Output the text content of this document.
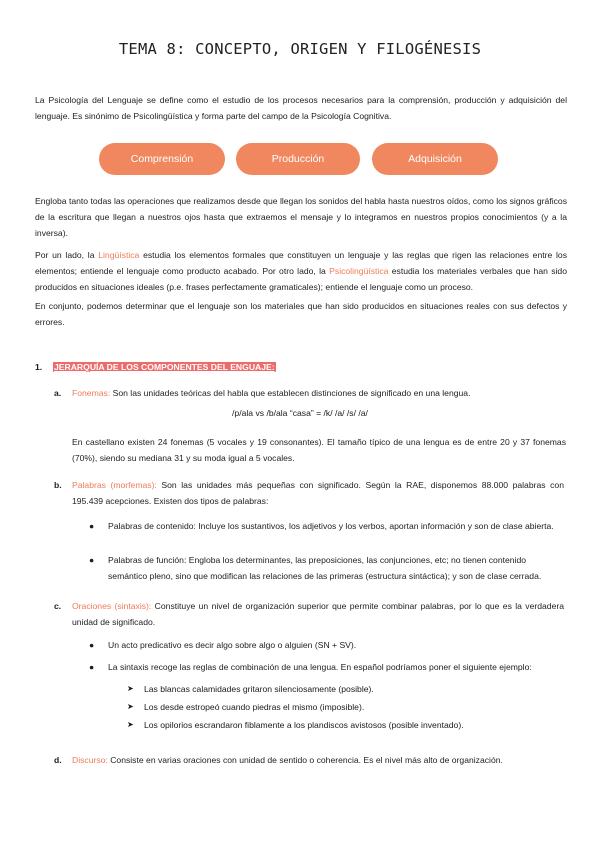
TEMA 8: CONCEPTO, ORIGEN Y FILOGÉNESIS
La Psicología del Lenguaje se define como el estudio de los procesos necesarios para la comprensión, producción y adquisición del lenguaje. Es sinónimo de Psicolingüística y forma parte del campo de la Psicología Cognitiva.
Comprensión	Producción	Adquisición
Engloba tanto todas las operaciones que realizamos desde que llegan los sonidos del habla hasta nuestros oídos, como los signos gráficos de la escritura que llegan a nuestros ojos hasta que extraemos el mensaje y lo integramos en nuestros propios conocimientos (y a la inversa).
Por un lado, la Lingüística estudia los elementos formales que constituyen un lenguaje y las reglas que rigen las relaciones entre los elementos; entiende el lenguaje como producto acabado. Por otro lado, la Psicolingüística estudia los materiales verbales que han sido producidos en situaciones ideales (p.e. frases perfectamente gramaticales); entiende el lenguaje como un proceso.
En conjunto, podemos determinar que el lenguaje son los materiales que han sido producidos en situaciones reales con sus defectos y errores.
1. JERARQUÍA DE LOS COMPONENTES DEL ENGUAJE:
a. Fonemas: Son las unidades teóricas del habla que establecen distinciones de significado en una lengua.
/p/ala vs /b/ala “casa” = /k/ /a/ /s/ /a/
En castellano existen 24 fonemas (5 vocales y 19 consonantes). El tamaño típico de una lengua es de entre 20 y 37 fonemas (70%), siendo su mediana 31 y su moda igual a 5 vocales.
b. Palabras (morfemas): Son las unidades más pequeñas con significado. Según la RAE, disponemos 88.000 palabras con 195.439 acepciones. Existen dos tipos de palabras:
● Palabras de contenido: Incluye los sustantivos, los adjetivos y los verbos, aportan información y son de clase abierta.
● Palabras de función: Engloba los determinantes, las preposiciones, las conjunciones, etc; no tienen contenido semántico pleno, sino que modifican las relaciones de las primeras (estructura sintáctica); y son de clase cerrada.
c. Oraciones (sintaxis): Constituye un nivel de organización superior que permite combinar palabras, por lo que es la verdadera unidad de significado.
● Un acto predicativo es decir algo sobre algo o alguien (SN + SV).
● La sintaxis recoge las reglas de combinación de una lengua. En español podríamos poner el siguiente ejemplo:
➤ Las blancas calamidades gritaron silenciosamente (posible).
➤ Los desde estropeó cuando piedras el mismo (imposible).
➤ Los opilorios escrandaron fiblamente a los plandiscos avistosos (posible inventado).
d. Discurso: Consiste en varias oraciones con unidad de sentido o coherencia. Es el nivel más alto de organización.
